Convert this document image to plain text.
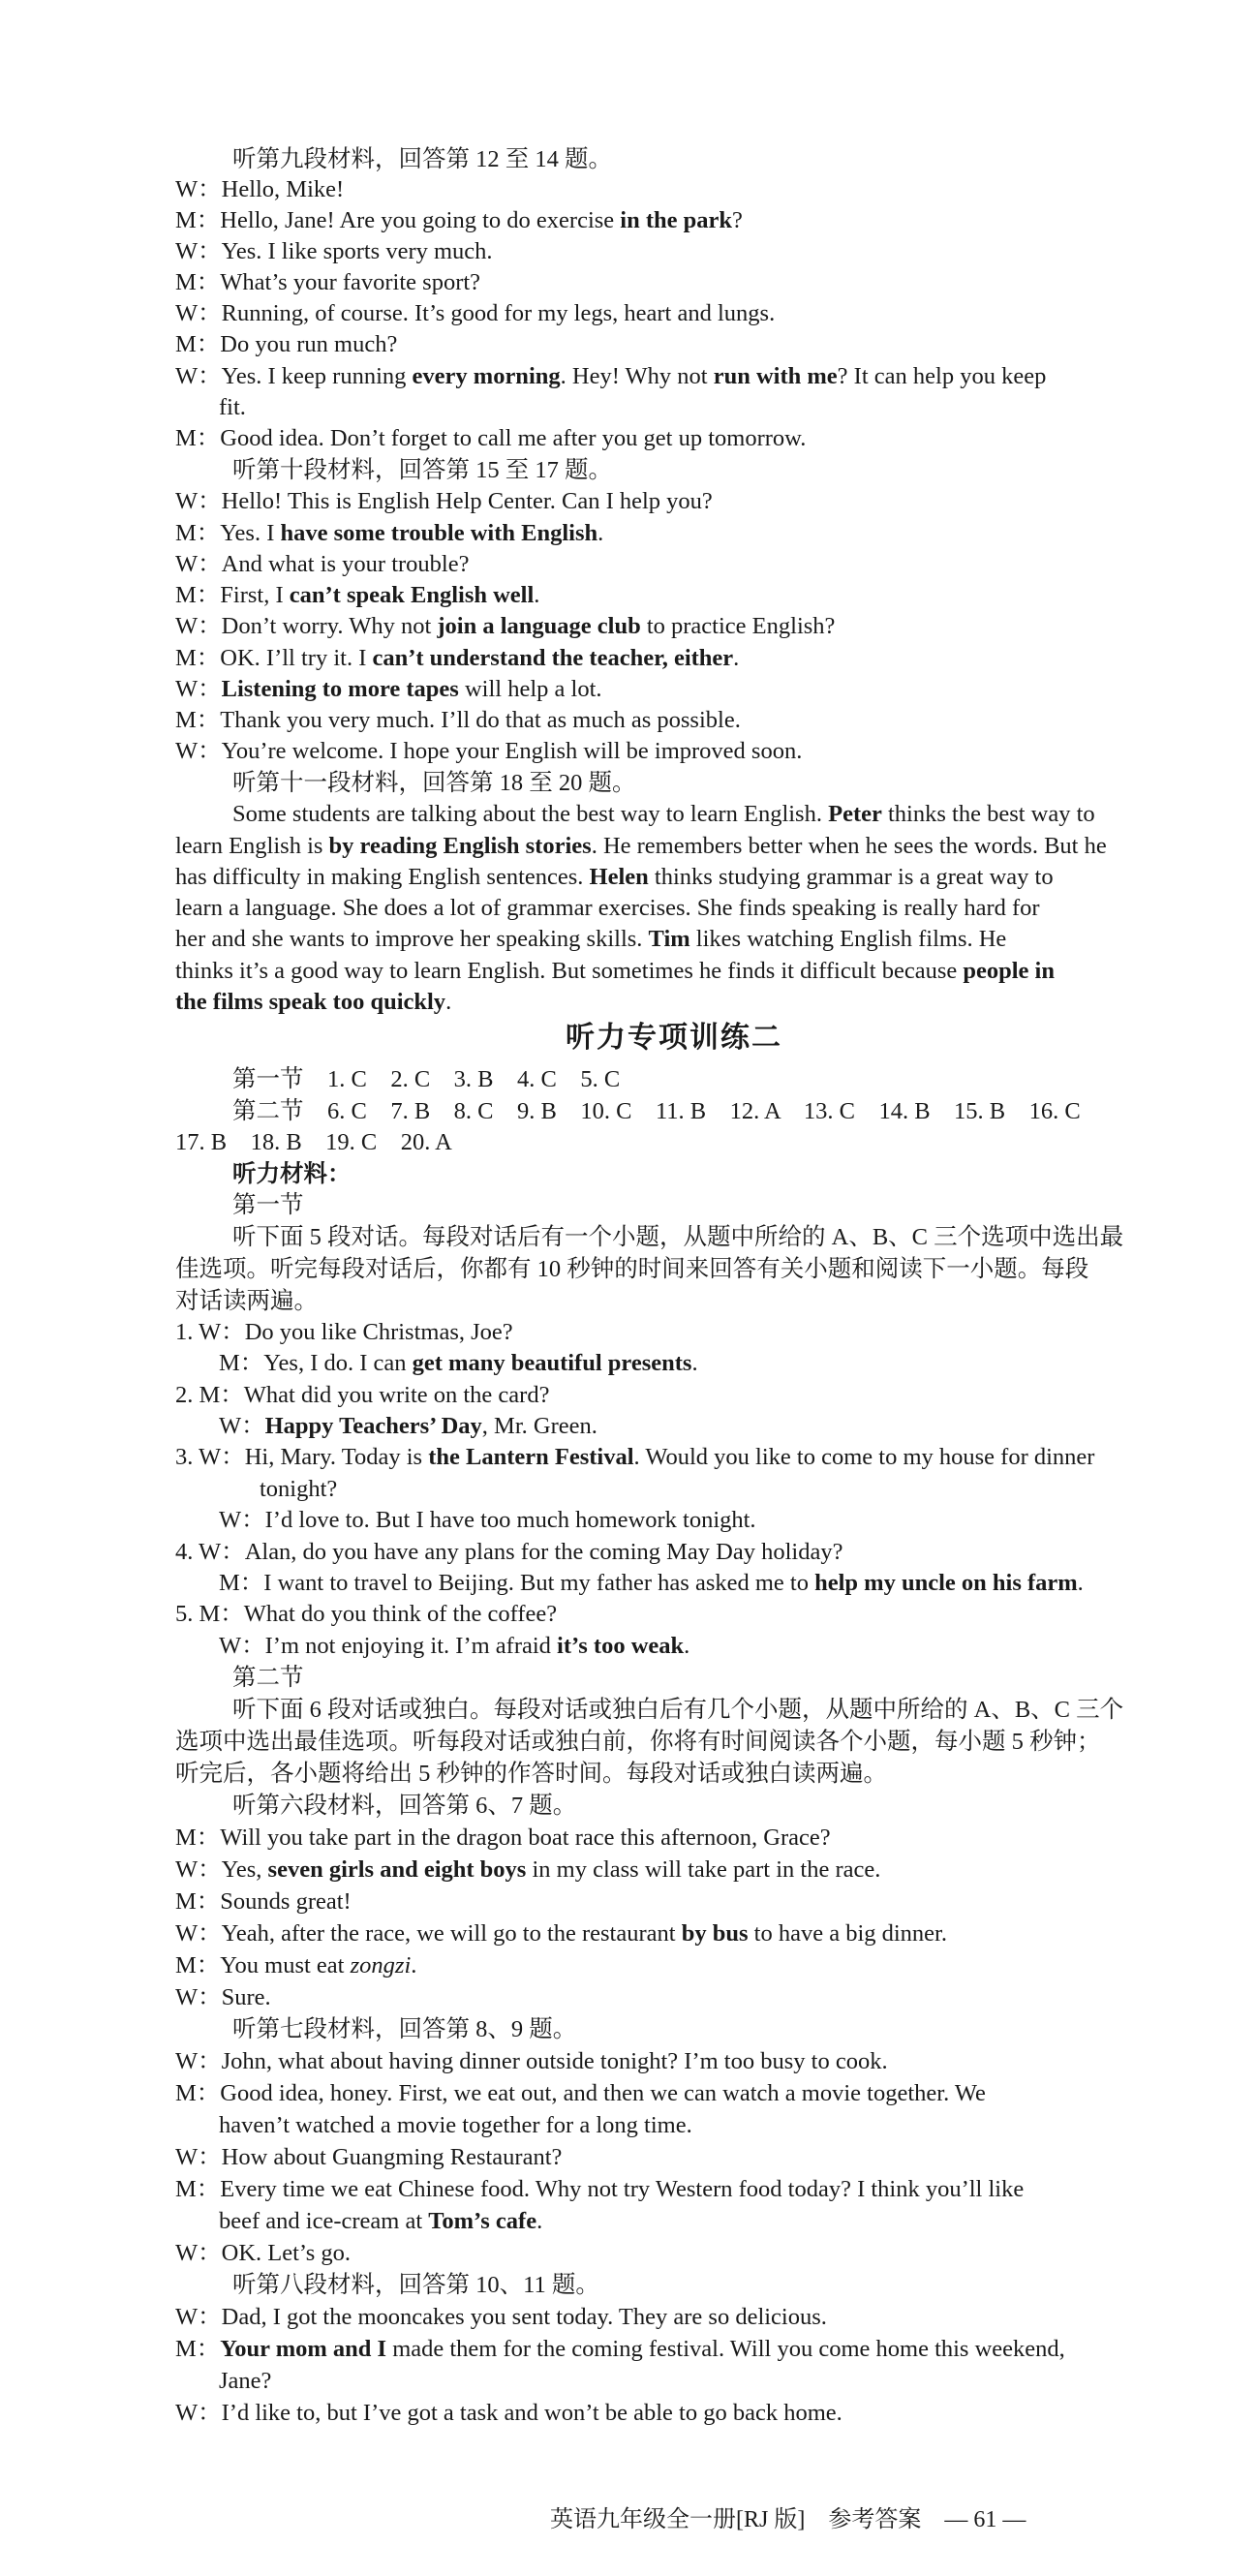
听第九段材料，回答第 12 至 14 题。
W：Hello, Mike!
M：Hello, Jane! Are you going to do exercise in the park?
W：Yes. I like sports very much.
M：What’s your favorite sport?
W：Running, of course. It’s good for my legs, heart and lungs.
M：Do you run much?
W：Yes. I keep running every morning. Hey! Why not run with me? It can help you keep
fit.
M：Good idea. Don’t forget to call me after you get up tomorrow.
听第十段材料，回答第 15 至 17 题。
W：Hello! This is English Help Center. Can I help you?
M：Yes. I have some trouble with English.
W：And what is your trouble?
M：First, I can’t speak English well.
W：Don’t worry. Why not join a language club to practice English?
M：OK. I’ll try it. I can’t understand the teacher, either.
W：Listening to more tapes will help a lot.
M：Thank you very much. I’ll do that as much as possible.
W：You’re welcome. I hope your English will be improved soon.
听第十一段材料，回答第 18 至 20 题。
Some students are talking about the best way to learn English. Peter thinks the best way to
learn English is by reading English stories. He remembers better when he sees the words. But he
has difficulty in making English sentences. Helen thinks studying grammar is a great way to
learn a language. She does a lot of grammar exercises. She finds speaking is really hard for
her and she wants to improve her speaking skills. Tim likes watching English films. He
thinks it’s a good way to learn English. But sometimes he finds it difficult because people in
the films speak too quickly.
听力专项训练二
第一节　1. C　2. C　3. B　4. C　5. C
第二节　6. C　7. B　8. C　9. B　10. C　11. B　12. A　13. C　14. B　15. B　16. C
17. B　18. B　19. C　20. A
听力材料：
第一节
听下面 5 段对话。每段对话后有一个小题，从题中所给的 A、B、C 三个选项中选出最
佳选项。听完每段对话后，你都有 10 秒钟的时间来回答有关小题和阅读下一小题。每段
对话读两遍。
1. W：Do you like Christmas, Joe?
M：Yes, I do. I can get many beautiful presents.
2. M：What did you write on the card?
W：Happy Teachers’ Day, Mr. Green.
3. W：Hi, Mary. Today is the Lantern Festival. Would you like to come to my house for dinner
tonight?
W：I’d love to. But I have too much homework tonight.
4. W：Alan, do you have any plans for the coming May Day holiday?
M：I want to travel to Beijing. But my father has asked me to help my uncle on his farm.
5. M：What do you think of the coffee?
W：I’m not enjoying it. I’m afraid it’s too weak.
第二节
听下面 6 段对话或独白。每段对话或独白后有几个小题，从题中所给的 A、B、C 三个
选项中选出最佳选项。听每段对话或独白前，你将有时间阅读各个小题，每小题 5 秒钟；
听完后，各小题将给出 5 秒钟的作答时间。每段对话或独白读两遍。
听第六段材料，回答第 6、7 题。
M：Will you take part in the dragon boat race this afternoon, Grace?
W：Yes, seven girls and eight boys in my class will take part in the race.
M：Sounds great!
W：Yeah, after the race, we will go to the restaurant by bus to have a big dinner.
M：You must eat zongzi.
W：Sure.
听第七段材料，回答第 8、9 题。
W：John, what about having dinner outside tonight? I’m too busy to cook.
M：Good idea, honey. First, we eat out, and then we can watch a movie together. We
haven’t watched a movie together for a long time.
W：How about Guangming Restaurant?
M：Every time we eat Chinese food. Why not try Western food today? I think you’ll like
beef and ice-cream at Tom’s cafe.
W：OK. Let’s go.
听第八段材料，回答第 10、11 题。
W：Dad, I got the mooncakes you sent today. They are so delicious.
M：Your mom and I made them for the coming festival. Will you come home this weekend,
Jane?
W：I’d like to, but I’ve got a task and won’t be able to go back home.
英语九年级全一册[RJ 版]　参考答案　— 61 —
